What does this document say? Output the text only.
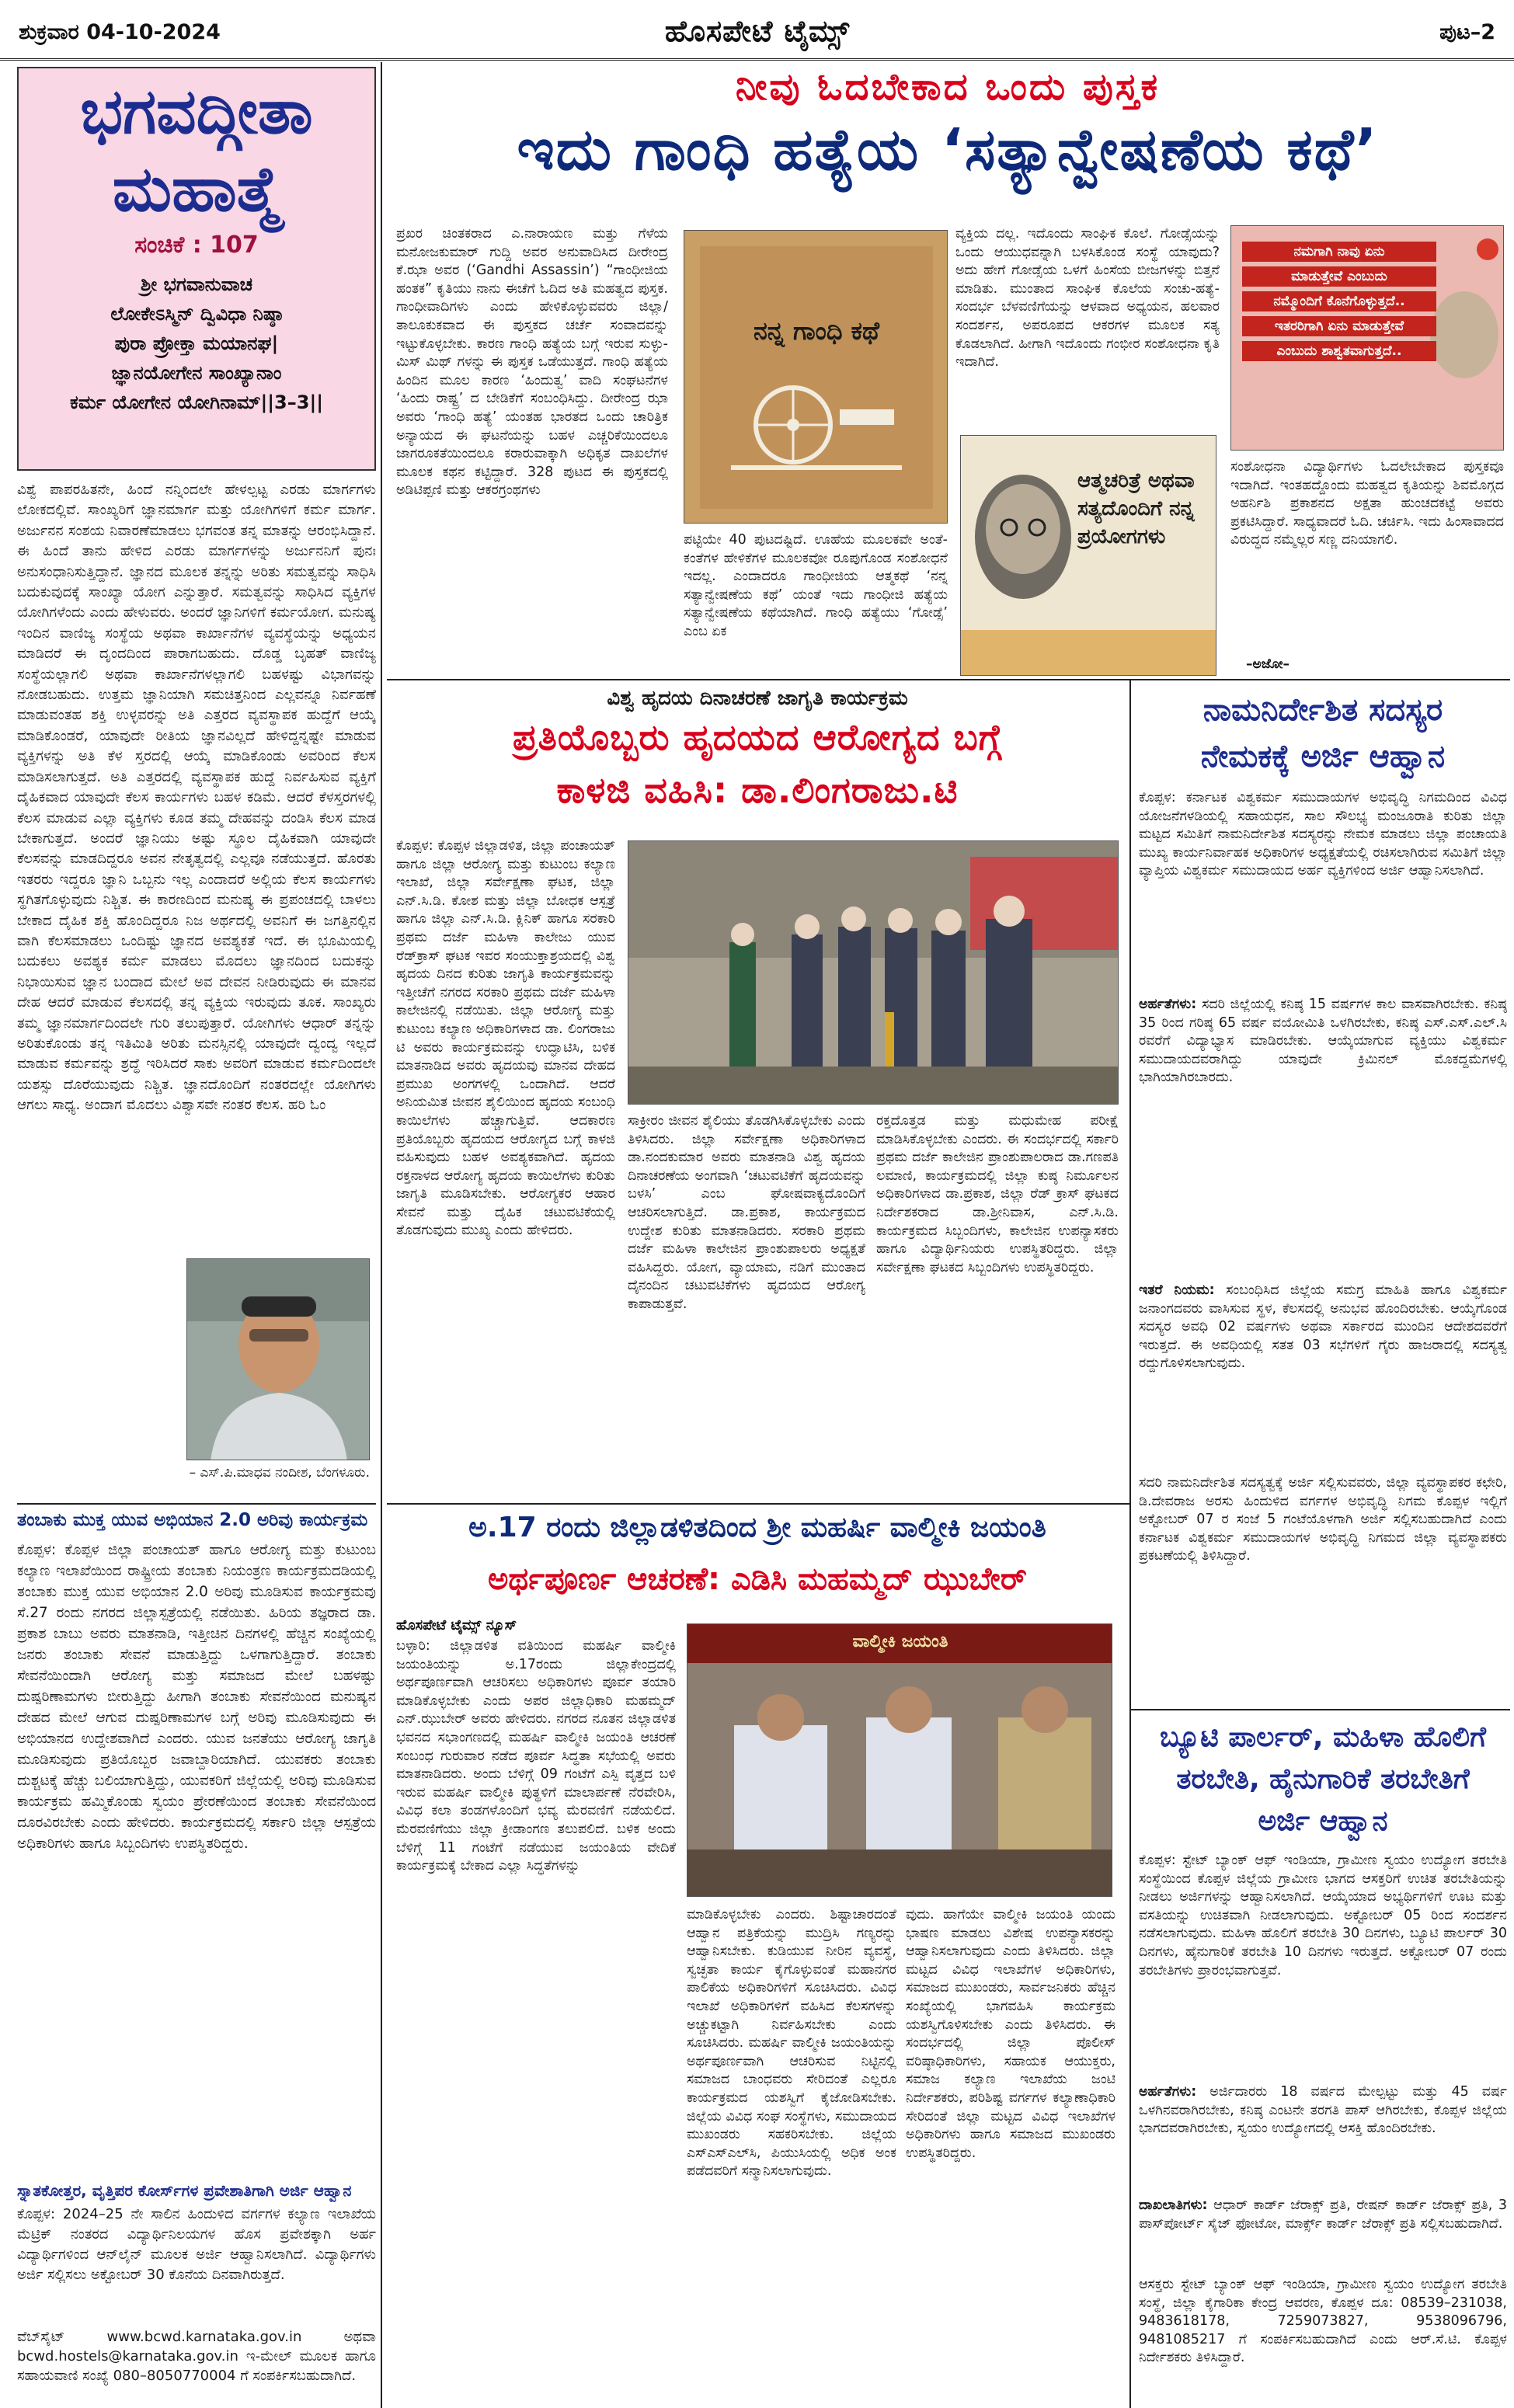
ಶುಕ್ರವಾರ 04-10-2024	ಹೊಸಪೇಟೆ ಟೈಮ್ಸ್	ಪುಟ–2
ಭಗವದ್ಗೀತಾ
ಮಹಾತ್ಮೆ
ಸಂಚಿಕೆ : 107
ಶ್ರೀ ಭಗವಾನುವಾಚ
ಲೋಕೇಽಸ್ಮಿನ್ ದ್ವಿವಿಧಾ ನಿಷ್ಠಾ
ಪುರಾ ಪ್ರೋಕ್ತಾ ಮಯಾನಘ|
ಜ್ಞಾನಯೋಗೇನ ಸಾಂಖ್ಯಾನಾಂ
ಕರ್ಮ ಯೋಗೇನ ಯೋಗಿನಾಮ್||3–3||
ವಿಶ್ವೆ ಪಾಪರಹಿತನೇ, ಹಿಂದೆ ನನ್ನಿಂದಲೇ ಹೇಳಲ್ಪಟ್ಟ ಎರಡು ಮಾರ್ಗಗಳು ಲೋಕದಲ್ಲಿವೆ. ಸಾಂಖ್ಯರಿಗೆ ಜ್ಞಾನಮಾರ್ಗ ಮತ್ತು ಯೋಗಿಗಳಿಗೆ ಕರ್ಮ ಮಾರ್ಗ. ಅರ್ಜುನನ ಸಂಶಯ ನಿವಾರಣೆಮಾಡಲು ಭಗವಂತ ತನ್ನ ಮಾತನ್ನು ಆರಂಭಿಸಿದ್ದಾನೆ. ಈ ಹಿಂದೆ ತಾನು ಹೇಳಿದ ಎರಡು ಮಾರ್ಗಗಳನ್ನು ಅರ್ಜುನನಿಗೆ ಪುನಃ ಅನುಸಂಧಾನಿಸುತ್ತಿದ್ದಾನೆ. ಜ್ಞಾನದ ಮೂಲಕ ತನ್ನನ್ನು ಅರಿತು ಸಮತ್ವವನ್ನು ಸಾಧಿಸಿ ಬದುಕುವುದಕ್ಕೆ ಸಾಂಖ್ಯಾ ಯೋಗ ಎನ್ನುತ್ತಾರೆ. ಸಮತ್ವವನ್ನು ಸಾಧಿಸಿದ ವ್ಯಕ್ತಿಗಳ ಯೋಗಿಗಳೆಂದು ಎಂದು ಹೇಳುವರು. ಅಂದರೆ ಜ್ಞಾನಿಗಳಿಗೆ ಕರ್ಮಯೋಗ. ಮನುಷ್ಯ ಇಂದಿನ ವಾಣಿಜ್ಯ ಸಂಸ್ಥೆಯ ಅಥವಾ ಕಾರ್ಖಾನೆಗಳ ವ್ಯವಸ್ಥೆಯನ್ನು ಅಧ್ಯಯನ ಮಾಡಿದರೆ ಈ ದೃಂದದಿಂದ ಪಾರಾಗಬಹುದು. ದೊಡ್ಡ ಬೃಹತ್ ವಾಣಿಜ್ಯ ಸಂಸ್ಥೆಯಲ್ಲಾಗಲಿ ಅಥವಾ ಕಾರ್ಖಾನೆಗಳಲ್ಲಾಗಲಿ ಬಹಳಷ್ಟು ವಿಭಾಗವನ್ನು ನೋಡಬಹುದು. ಉತ್ತಮ ಜ್ಞಾನಿಯಾಗಿ ಸಮಚಿತ್ತನಿಂದ ಎಲ್ಲವನ್ನೂ ನಿರ್ವಹಣೆ ಮಾಡುವಂತಹ ಶಕ್ತಿ ಉಳ್ಳವರನ್ನು ಅತಿ ಎತ್ತರದ ವ್ಯವಸ್ಥಾಪಕ ಹುದ್ದೆಗೆ ಆಯ್ಕೆ ಮಾಡಿಕೊಂಡರೆ, ಯಾವುದೇ ರೀತಿಯ ಜ್ಞಾನವಿಲ್ಲದೆ ಹೇಳಿದ್ದನ್ನಷ್ಟೇ ಮಾಡುವ ವ್ಯಕ್ತಿಗಳನ್ನು ಅತಿ ಕೆಳ ಸ್ತರದಲ್ಲಿ ಆಯ್ಕೆ ಮಾಡಿಕೊಂಡು ಅವರಿಂದ ಕೆಲಸ ಮಾಡಿಸಲಾಗುತ್ತದೆ. ಅತಿ ಎತ್ತರದಲ್ಲಿ ವ್ಯವಸ್ಥಾಪಕ ಹುದ್ದೆ ನಿರ್ವಹಿಸುವ ವ್ಯಕ್ತಿಗೆ ದೈಹಿಕವಾದ ಯಾವುದೇ ಕೆಲಸ ಕಾರ್ಯಗಳು ಬಹಳ ಕಡಿಮೆ. ಆದರೆ ಕೆಳಸ್ತರಗಳಲ್ಲಿ ಕೆಲಸ ಮಾಡುವ ಎಲ್ಲಾ ವ್ಯಕ್ತಿಗಳು ಕೂಡ ತಮ್ಮ ದೇಹವನ್ನು ದಂಡಿಸಿ ಕೆಲಸ ಮಾಡ ಬೇಕಾಗುತ್ತದೆ. ಅಂದರೆ ಜ್ಞಾನಿಯು ಅಷ್ಟು ಸ್ಥೂಲ ದೈಹಿಕವಾಗಿ ಯಾವುದೇ ಕೆಲಸವನ್ನು ಮಾಡದಿದ್ದರೂ ಅವನ ನೇತೃತ್ವದಲ್ಲಿ ಎಲ್ಲವೂ ನಡೆಯುತ್ತದೆ. ಹೊರತು ಇತರರು ಇದ್ದರೂ ಜ್ಞಾನಿ ಒಬ್ಬನು ಇಲ್ಲ ಎಂದಾದರೆ ಅಲ್ಲಿಯ ಕೆಲಸ ಕಾರ್ಯಗಳು ಸ್ಥಗಿತಗೊಳ್ಳುವುದು ನಿಶ್ಚಿತ. ಈ ಕಾರಣದಿಂದ ಮನುಷ್ಯ ಈ ಪ್ರಪಂಚದಲ್ಲಿ ಬಾಳಲು ಬೇಕಾದ ದೈಹಿಕ ಶಕ್ತಿ ಹೊಂದಿದ್ದರೂ ನಿಜ ಅರ್ಥದಲ್ಲಿ ಅವನಿಗೆ ಈ ಜಗತ್ತಿನಲ್ಲಿನ ವಾಗಿ ಕೆಲಸಮಾಡಲು ಒಂದಿಷ್ಟು ಜ್ಞಾನದ ಅವಶ್ಯಕತೆ ಇದೆ. ಈ ಭೂಮಿಯಲ್ಲಿ ಬದುಕಲು ಅವಶ್ಯಕ ಕರ್ಮ ಮಾಡಲು ಮೊದಲು ಜ್ಞಾನದಿಂದ ಬದುಕನ್ನು ನಿಭಾಯಿಸುವ ಜ್ಞಾನ ಬಂದಾದ ಮೇಲೆ ಅವ ದೇವನ ನೀಡಿರುವುದು ಈ ಮಾನವ ದೇಹ ಆದರೆ ಮಾಡುವ ಕೆಲಸದಲ್ಲಿ ತನ್ನ ವ್ಯಕ್ತಿಯ ಇರುವುದು ತೂಕ. ಸಾಂಖ್ಯರು ತಮ್ಮ ಜ್ಞಾನಮಾರ್ಗದಿಂದಲೇ ಗುರಿ ತಲುಪುತ್ತಾರೆ. ಯೋಗಿಗಳು ಆಧಾರ್ ತನ್ನನ್ನು ಅರಿತುಕೊಂಡು ತನ್ನ ಇತಿಮಿತಿ ಅರಿತು ಮನಸ್ಸಿನಲ್ಲಿ ಯಾವುದೇ ದ್ವಂದ್ವ ಇಲ್ಲದೆ ಮಾಡುವ ಕರ್ಮವನ್ನು ಶ್ರದ್ಧೆ ಇರಿಸಿದರೆ ಸಾಕು ಅವರಿಗೆ ಮಾಡುವ ಕರ್ಮದಿಂದಲೇ ಯಶಸ್ಸು ದೊರೆಯುವುದು ನಿಶ್ಚಿತ. ಜ್ಞಾನದೊಂದಿಗೆ ನಂತರದಲ್ಲೇ ಯೋಗಿಗಳು ಆಗಲು ಸಾಧ್ಯ. ಅಂದಾಗ ಮೊದಲು ವಿಶ್ವಾಸವೇ ನಂತರ ಕೆಲಸ. ಹರಿ ಓಂ
– ಎಸ್.ಪಿ.ಮಾಧವ ನಂದೀಶ, ಬೆಂಗಳೂರು.
ತಂಬಾಕು ಮುಕ್ತ ಯುವ ಅಭಿಯಾನ 2.0 ಅರಿವು ಕಾರ್ಯಕ್ರಮ
ಕೊಪ್ಪಳ: ಕೊಪ್ಪಳ ಜಿಲ್ಲಾ ಪಂಚಾಯತ್ ಹಾಗೂ ಆರೋಗ್ಯ ಮತ್ತು ಕುಟುಂಬ ಕಲ್ಯಾಣ ಇಲಾಖೆಯಿಂದ ರಾಷ್ಟ್ರೀಯ ತಂಬಾಕು ನಿಯಂತ್ರಣ ಕಾರ್ಯಕ್ರಮದಡಿಯಲ್ಲಿ ತಂಬಾಕು ಮುಕ್ತ ಯುವ ಅಭಿಯಾನ 2.0 ಅರಿವು ಮೂಡಿಸುವ ಕಾರ್ಯಕ್ರಮವು ಸೆ.27 ರಂದು ನಗರದ ಜಿಲ್ಲಾಸ್ಪತ್ರೆಯಲ್ಲಿ ನಡೆಯಿತು. ಹಿರಿಯ ತಜ್ಞರಾದ ಡಾ. ಪ್ರಕಾಶ ಬಾಬು ಅವರು ಮಾತನಾಡಿ, ಇತ್ತೀಚಿನ ದಿನಗಳಲ್ಲಿ ಹೆಚ್ಚಿನ ಸಂಖ್ಯೆಯಲ್ಲಿ ಜನರು ತಂಬಾಕು ಸೇವನೆ ಮಾಡುತ್ತಿದ್ದು ಒಳಗಾಗುತ್ತಿದ್ದಾರೆ. ತಂಬಾಕು ಸೇವನೆಯಿಂದಾಗಿ ಆರೋಗ್ಯ ಮತ್ತು ಸಮಾಜದ ಮೇಲೆ ಬಹಳಷ್ಟು ದುಷ್ಪರಿಣಾಮಗಳು ಬೀರುತ್ತಿದ್ದು ಹೀಗಾಗಿ ತಂಬಾಕು ಸೇವನೆಯಿಂದ ಮನುಷ್ಯನ ದೇಹದ ಮೇಲೆ ಆಗುವ ದುಷ್ಪರಿಣಾಮಗಳ ಬಗ್ಗೆ ಅರಿವು ಮೂಡಿಸುವುದು ಈ ಅಭಿಯಾನದ ಉದ್ದೇಶವಾಗಿದೆ ಎಂದರು. ಯುವ ಜನತೆಯು ಆರೋಗ್ಯ ಜಾಗೃತಿ ಮೂಡಿಸುವುದು ಪ್ರತಿಯೊಬ್ಬರ ಜವಾಬ್ದಾರಿಯಾಗಿದೆ. ಯುವಕರು ತಂಬಾಕು ದುಶ್ಚಟಕ್ಕೆ ಹೆಚ್ಚು ಬಲಿಯಾಗುತ್ತಿದ್ದು, ಯುವಕರಿಗೆ ಜಿಲ್ಲೆಯಲ್ಲಿ ಅರಿವು ಮೂಡಿಸುವ ಕಾರ್ಯಕ್ರಮ ಹಮ್ಮಿಕೊಂಡು ಸ್ವಯಂ ಪ್ರೇರಣೆಯಿಂದ ತಂಬಾಕು ಸೇವನೆಯಿಂದ ದೂರವಿರಬೇಕು ಎಂದು ಹೇಳಿದರು. ಕಾರ್ಯಕ್ರಮದಲ್ಲಿ ಸರ್ಕಾರಿ ಜಿಲ್ಲಾ ಆಸ್ಪತ್ರೆಯ ಅಧಿಕಾರಿಗಳು ಹಾಗೂ ಸಿಬ್ಬಂದಿಗಳು ಉಪಸ್ಥಿತರಿದ್ದರು.
ಸ್ನಾತಕೋತ್ತರ, ವೃತ್ತಿಪರ ಕೋರ್ಸ್‌ಗಳ ಪ್ರವೇಶಾತಿಗಾಗಿ ಅರ್ಜಿ ಆಹ್ವಾನ
ಕೊಪ್ಪಳ: 2024–25 ನೇ ಸಾಲಿನ ಹಿಂದುಳಿದ ವರ್ಗಗಳ ಕಲ್ಯಾಣ ಇಲಾಖೆಯ ಮೆಟ್ರಿಕ್ ನಂತರದ ವಿದ್ಯಾರ್ಥಿನಿಲಯಗಳ ಹೊಸ ಪ್ರವೇಶಕ್ಕಾಗಿ ಅರ್ಹ ವಿದ್ಯಾರ್ಥಿಗಳಿಂದ ಆನ್‌ಲೈನ್ ಮೂಲಕ ಅರ್ಜಿ ಆಹ್ವಾನಿಸಲಾಗಿದೆ. ವಿದ್ಯಾರ್ಥಿಗಳು ಅರ್ಜಿ ಸಲ್ಲಿಸಲು ಅಕ್ಟೋಬರ್ 30 ಕೊನೆಯ ದಿನವಾಗಿರುತ್ತದೆ.
ವೆಬ್‌ಸೈಟ್ www.bcwd.karnataka.gov.in ಅಥವಾ bcwd.hostels@karnataka.gov.in ಇ-ಮೇಲ್ ಮೂಲಕ ಹಾಗೂ ಸಹಾಯವಾಣಿ ಸಂಖ್ಯೆ 080–8050770004 ಗೆ ಸಂಪರ್ಕಿಸಬಹುದಾಗಿದೆ.
ನೀವು ಓದಬೇಕಾದ ಒಂದು ಪುಸ್ತಕ
ಇದು ಗಾಂಧಿ ಹತ್ಯೆಯ ‘ಸತ್ಯಾನ್ವೇಷಣೆಯ ಕಥೆ’
ಪ್ರಖರ ಚಿಂತಕರಾದ ಎ.ನಾರಾಯಣ ಮತ್ತು ಗೆಳೆಯ ಮನೋಜಕುಮಾರ್ ಗುದ್ದಿ ಅವರ ಅನುವಾದಿಸಿದ ದೀರೇಂದ್ರ ಕೆ.ಝಾ ಅವರ (‘Gandhi Assassin’) “ಗಾಂಧೀಜಿಯ ಹಂತಕ” ಕೃತಿಯು ನಾನು ಈಚೆಗೆ ಓದಿದ ಅತಿ ಮಹತ್ವದ ಪುಸ್ತಕ. ಗಾಂಧೀವಾದಿಗಳು ಎಂದು ಹೇಳಿಕೊಳ್ಳುವವರು ಜಿಲ್ಲಾ/ತಾಲೂಕುಕವಾದ ಈ ಪುಸ್ತಕದ ಚರ್ಚೆ ಸಂವಾದವನ್ನು ಇಟ್ಟುಕೊಳ್ಳಬೇಕು. ಕಾರಣ ಗಾಂಧಿ ಹತ್ಯೆಯ ಬಗ್ಗೆ ಇರುವ ಸುಳ್ಳು-ಮಿಸ್ ಮಿಥ್ ಗಳನ್ನು ಈ ಪುಸ್ತಕ ಒಡೆಯುತ್ತದೆ. ಗಾಂಧಿ ಹತ್ಯೆಯ ಹಿಂದಿನ ಮೂಲ ಕಾರಣ ‘ಹಿಂದುತ್ವ’ ವಾದಿ ಸಂಘಟನೆಗಳ ‘ಹಿಂದು ರಾಷ್ಟ್ರ’ ದ ಬೇಡಿಕೆಗೆ ಸಂಬಂಧಿಸಿದ್ದು. ದೀರೇಂದ್ರ ಝಾ ಅವರು ‘ಗಾಂಧಿ ಹತ್ಯೆ’ ಯಂತಹ ಭಾರತದ ಒಂದು ಚಾರಿತ್ರಿಕ ಅನ್ಯಾಯದ ಈ ಘಟನೆಯನ್ನು ಬಹಳ ಎಚ್ಚರಿಕೆಯಿಂದಲೂ ಜಾಗರೂಕತೆಯಿಂದಲೂ ಕರಾರುವಾಕ್ಕಾಗಿ ಅಧಿಕೃತ ದಾಖಲೆಗಳ ಮೂಲಕ ಕಥನ ಕಟ್ಟಿದ್ದಾರೆ. 328 ಪುಟದ ಈ ಪುಸ್ತಕದಲ್ಲಿ ಅಡಿಟಿಪ್ಪಣಿ ಮತ್ತು ಆಕರಗ್ರಂಥಗಳು
ನನ್ನ ಗಾಂಧಿ ಕಥೆ
ಪಟ್ಟಿಯೇ 40 ಪುಟದಷ್ಟಿದೆ. ಊಹೆಯ ಮೂಲಕವೇ ಅಂತೆ-ಕಂತೆಗಳ ಹೇಳಿಕೆಗಳ ಮೂಲಕವೋ ರೂಪುಗೊಂಡ ಸಂಶೋಧನೆ ಇದಲ್ಲ. ಎಂದಾದರೂ ಗಾಂಧೀಜಿಯ ಆತ್ಮಕಥೆ ‘ನನ್ನ ಸತ್ಯಾನ್ವೇಷಣೆಯ ಕಥೆ’ ಯಂತೆ ಇದು ಗಾಂಧೀಜಿ ಹತ್ಯೆಯ ಸತ್ಯಾನ್ವೇಷಣೆಯ ಕಥೆಯಾಗಿದೆ. ಗಾಂಧಿ ಹತ್ಯೆಯು ‘ಗೋಡ್ಸೆ’ ಎಂಬ ಏಕ
ವ್ಯಕ್ತಿಯ ದಲ್ಲ. ಇದೊಂದು ಸಾಂಘಿಕ ಕೊಲೆ. ಗೋಡ್ಸೆಯನ್ನು ಒಂದು ಆಯುಧವನ್ನಾಗಿ ಬಳಸಿಕೊಂಡ ಸಂಸ್ಥೆ ಯಾವುದು? ಅದು ಹೇಗೆ ಗೋಡ್ಸೆಯ ಒಳಗೆ ಹಿಂಸೆಯ ಬೀಜಗಳನ್ನು ಬಿತ್ತನೆ ಮಾಡಿತು. ಮುಂತಾದ ಸಾಂಘಿಕ ಕೊಲೆಯ ಸಂಚು-ಹತ್ಯೆ-ಸಂದರ್ಭ ಬೆಳವಣಿಗೆಯನ್ನು ಆಳವಾದ ಅಧ್ಯಯನ, ಹಲವಾರ ಸಂದರ್ಶನ, ಅಪರೂಪದ ಆಕರಗಳ ಮೂಲಕ ಸತ್ಯ ಕೊಡಲಾಗಿದೆ. ಹೀಗಾಗಿ ಇದೊಂದು ಗಂಭೀರ ಸಂಶೋಧನಾ ಕೃತಿ ಇದಾಗಿದೆ.
ಆತ್ಮಚರಿತ್ರೆ ಅಥವಾ ಸತ್ಯದೊಂದಿಗೆ ನನ್ನ ಪ್ರಯೋಗಗಳು
ನಮಗಾಗಿ ನಾವು ಏನು
ಮಾಡುತ್ತೇವೆ ಎಂಬುದು
ನಮ್ಮೊಂದಿಗೆ ಕೊನೆಗೊಳ್ಳುತ್ತದೆ..
ಇತರರಿಗಾಗಿ ಏನು ಮಾಡುತ್ತೇವೆ
ಎಂಬುದು ಶಾಶ್ವತವಾಗುತ್ತದೆ..
ಸಂಶೋಧನಾ ವಿದ್ಯಾರ್ಥಿಗಳು ಓದಲೇಬೇಕಾದ ಪುಸ್ತಕವೂ ಇದಾಗಿದೆ. ಇಂತಹದ್ದೊಂದು ಮಹತ್ವದ ಕೃತಿಯನ್ನು ಶಿವಮೊಗ್ಗದ ಅಹರ್ನಿಶಿ ಪ್ರಕಾಶನದ ಅಕ್ಷತಾ ಹುಂಚದಕಟ್ಟೆ ಅವರು ಪ್ರಕಟಿಸಿದ್ದಾರೆ. ಸಾಧ್ಯವಾದರೆ ಓದಿ. ಚರ್ಚಿಸಿ. ಇದು ಹಿಂಸಾವಾದದ ವಿರುದ್ಧದ ನಮ್ಮೆಲ್ಲರ ಸಣ್ಣ ದನಿಯಾಗಲಿ.
–ಅಜೋ–
ವಿಶ್ವ ಹೃದಯ ದಿನಾಚರಣೆ ಜಾಗೃತಿ ಕಾರ್ಯಕ್ರಮ
ಪ್ರತಿಯೊಬ್ಬರು ಹೃದಯದ ಆರೋಗ್ಯದ ಬಗ್ಗೆ
ಕಾಳಜಿ ವಹಿಸಿ: ಡಾ.ಲಿಂಗರಾಜು.ಟಿ
ಕೊಪ್ಪಳ: ಕೊಪ್ಪಳ ಜಿಲ್ಲಾಡಳಿತ, ಜಿಲ್ಲಾ ಪಂಚಾಯತ್ ಹಾಗೂ ಜಿಲ್ಲಾ ಆರೋಗ್ಯ ಮತ್ತು ಕುಟುಂಬ ಕಲ್ಯಾಣ ಇಲಾಖೆ, ಜಿಲ್ಲಾ ಸರ್ವೇಕ್ಷಣಾ ಘಟಕ, ಜಿಲ್ಲಾ ಎನ್.ಸಿ.ಡಿ. ಕೋಶ ಮತ್ತು ಜಿಲ್ಲಾ ಬೋಧಕ ಆಸ್ಪತ್ರೆ ಹಾಗೂ ಜಿಲ್ಲಾ ಎನ್.ಸಿ.ಡಿ. ಕ್ಲಿನಿಕ್ ಹಾಗೂ ಸರಕಾರಿ ಪ್ರಥಮ ದರ್ಜೆ ಮಹಿಳಾ ಕಾಲೇಜು ಯುವ ರೆಡ್‌ಕ್ರಾಸ್ ಘಟಕ ಇವರ ಸಂಯುಕ್ತಾಶ್ರಯದಲ್ಲಿ ವಿಶ್ವ ಹೃದಯ ದಿನದ ಕುರಿತು ಜಾಗೃತಿ ಕಾರ್ಯಕ್ರಮವನ್ನು ಇತ್ತೀಚೆಗೆ ನಗರದ ಸರಕಾರಿ ಪ್ರಥಮ ದರ್ಜೆ ಮಹಿಳಾ ಕಾಲೇಜಿನಲ್ಲಿ ನಡೆಯಿತು. ಜಿಲ್ಲಾ ಆರೋಗ್ಯ ಮತ್ತು ಕುಟುಂಬ ಕಲ್ಯಾಣ ಅಧಿಕಾರಿಗಳಾದ ಡಾ. ಲಿಂಗರಾಜು ಟಿ ಅವರು ಕಾರ್ಯಕ್ರಮವನ್ನು ಉದ್ಘಾಟಿಸಿ, ಬಳಿಕ ಮಾತನಾಡಿದ ಅವರು ಹೃದಯವು ಮಾನವ ದೇಹದ ಪ್ರಮುಖ ಅಂಗಗಳಲ್ಲಿ ಒಂದಾಗಿದೆ. ಆದರೆ ಅನಿಯಮಿತ ಜೀವನ ಶೈಲಿಯಿಂದ ಹೃದಯ ಸಂಬಂಧಿ ಕಾಯಿಲೆಗಳು ಹೆಚ್ಚಾಗುತ್ತಿವೆ. ಆದಕಾರಣ ಪ್ರತಿಯೊಬ್ಬರು ಹೃದಯದ ಆರೋಗ್ಯದ ಬಗ್ಗೆ ಕಾಳಜಿ ವಹಿಸುವುದು ಬಹಳ ಅವಶ್ಯಕವಾಗಿದೆ. ಹೃದಯ ರಕ್ತನಾಳದ ಆರೋಗ್ಯ ಹೃದಯ ಕಾಯಿಲೆಗಳು ಕುರಿತು ಜಾಗೃತಿ ಮೂಡಿಸಬೇಕು. ಆರೋಗ್ಯಕರ ಆಹಾರ ಸೇವನೆ ಮತ್ತು ದೈಹಿಕ ಚಟುವಟಿಕೆಯಲ್ಲಿ ತೊಡಗುವುದು ಮುಖ್ಯ ಎಂದು ಹೇಳಿದರು.
ಸಾಕ್ರೀರಂ ಜೀವನ ಶೈಲಿಯು ತೊಡಗಿಸಿಕೊಳ್ಳಬೇಕು ಎಂದು ತಿಳಿಸಿದರು. ಜಿಲ್ಲಾ ಸರ್ವೇಕ್ಷಣಾ ಅಧಿಕಾರಿಗಳಾದ ಡಾ.ನಂದಕುಮಾರ ಅವರು ಮಾತನಾಡಿ ವಿಶ್ವ ಹೃದಯ ದಿನಾಚರಣೆಯ ಅಂಗವಾಗಿ ‘ಚಟುವಟಿಕೆಗೆ ಹೃದಯವನ್ನು ಬಳಸಿ’ ಎಂಬ ಘೋಷವಾಕ್ಯದೊಂದಿಗೆ ಆಚರಿಸಲಾಗುತ್ತಿದೆ. ಡಾ.ಪ್ರಕಾಶ, ಕಾರ್ಯಕ್ರಮದ ಉದ್ದೇಶ ಕುರಿತು ಮಾತನಾಡಿದರು. ಸರಕಾರಿ ಪ್ರಥಮ ದರ್ಜೆ ಮಹಿಳಾ ಕಾಲೇಜಿನ ಪ್ರಾಂಶುಪಾಲರು ಅಧ್ಯಕ್ಷತೆ ವಹಿಸಿದ್ದರು. ಯೋಗ, ವ್ಯಾಯಾಮ, ನಡಿಗೆ ಮುಂತಾದ ದೈನಂದಿನ ಚಟುವಟಿಕೆಗಳು ಹೃದಯದ ಆರೋಗ್ಯ ಕಾಪಾಡುತ್ತವೆ.
ರಕ್ತದೊತ್ತಡ ಮತ್ತು ಮಧುಮೇಹ ಪರೀಕ್ಷೆ ಮಾಡಿಸಿಕೊಳ್ಳಬೇಕು ಎಂದರು. ಈ ಸಂದರ್ಭದಲ್ಲಿ ಸರ್ಕಾರಿ ಪ್ರಥಮ ದರ್ಜೆ ಕಾಲೇಜಿನ ಪ್ರಾಂಶುಪಾಲರಾದ ಡಾ.ಗಣಪತಿ ಲಮಾಣಿ, ಕಾರ್ಯಕ್ರಮದಲ್ಲಿ ಜಿಲ್ಲಾ ಕುಷ್ಠ ನಿರ್ಮೂಲನ ಅಧಿಕಾರಿಗಳಾದ ಡಾ.ಪ್ರಕಾಶ, ಜಿಲ್ಲಾ ರೆಡ್ ಕ್ರಾಸ್ ಘಟಕದ ನಿರ್ದೇಶಕರಾದ ಡಾ.ಶ್ರೀನಿವಾಸ, ಎನ್.ಸಿ.ಡಿ. ಕಾರ್ಯಕ್ರಮದ ಸಿಬ್ಬಂದಿಗಳು, ಕಾಲೇಜಿನ ಉಪನ್ಯಾಸಕರು ಹಾಗೂ ವಿದ್ಯಾರ್ಥಿನಿಯರು ಉಪಸ್ಥಿತರಿದ್ದರು. ಜಿಲ್ಲಾ ಸರ್ವೇಕ್ಷಣಾ ಘಟಕದ ಸಿಬ್ಬಂದಿಗಳು ಉಪಸ್ಥಿತರಿದ್ದರು.
ಅ.17 ರಂದು ಜಿಲ್ಲಾಡಳಿತದಿಂದ ಶ್ರೀ ಮಹರ್ಷಿ ವಾಲ್ಮೀಕಿ ಜಯಂತಿ
ಅರ್ಥಪೂರ್ಣ ಆಚರಣೆ: ಎಡಿಸಿ ಮಹಮ್ಮದ್ ಝುಬೇರ್
ಹೊಸಪೇಟೆ ಟೈಮ್ಸ್ ನ್ಯೂಸ್
ಬಳ್ಳಾರಿ: ಜಿಲ್ಲಾಡಳಿತ ವತಿಯಿಂದ ಮಹರ್ಷಿ ವಾಲ್ಮೀಕಿ ಜಯಂತಿಯನ್ನು ಅ.17ರಂದು ಜಿಲ್ಲಾಕೇಂದ್ರದಲ್ಲಿ ಅರ್ಥಪೂರ್ಣವಾಗಿ ಆಚರಿಸಲು ಅಧಿಕಾರಿಗಳು ಪೂರ್ವ ತಯಾರಿ ಮಾಡಿಕೊಳ್ಳಬೇಕು ಎಂದು ಅಪರ ಜಿಲ್ಲಾಧಿಕಾರಿ ಮಹಮ್ಮದ್ ಎನ್.ಝುಬೇರ್ ಅವರು ಹೇಳಿದರು. ನಗರದ ನೂತನ ಜಿಲ್ಲಾಡಳಿತ ಭವನದ ಸಭಾಂಗಣದಲ್ಲಿ ಮಹರ್ಷಿ ವಾಲ್ಮೀಕಿ ಜಯಂತಿ ಆಚರಣೆ ಸಂಬಂಧ ಗುರುವಾರ ನಡೆದ ಪೂರ್ವ ಸಿದ್ಧತಾ ಸಭೆಯಲ್ಲಿ ಅವರು ಮಾತನಾಡಿದರು. ಅಂದು ಬೆಳಿಗ್ಗೆ 09 ಗಂಟೆಗೆ ಎಸ್ಪಿ ವೃತ್ತದ ಬಳಿ ಇರುವ ಮಹರ್ಷಿ ವಾಲ್ಮೀಕಿ ಪುತ್ಥಳಿಗೆ ಮಾಲಾರ್ಪಣೆ ನೆರವೇರಿಸಿ, ವಿವಿಧ ಕಲಾ ತಂಡಗಳೊಂದಿಗೆ ಭವ್ಯ ಮೆರವಣಿಗೆ ನಡೆಯಲಿದೆ. ಮೆರವಣಿಗೆಯು ಜಿಲ್ಲಾ ಕ್ರೀಡಾಂಗಣ ತಲುಪಲಿದೆ. ಬಳಿಕ ಅಂದು ಬೆಳಿಗ್ಗೆ 11 ಗಂಟೆಗೆ ನಡೆಯುವ ಜಯಂತಿಯ ವೇದಿಕೆ ಕಾರ್ಯಕ್ರಮಕ್ಕೆ ಬೇಕಾದ ಎಲ್ಲಾ ಸಿದ್ಧತೆಗಳನ್ನು
ವಾಲ್ಮೀಕಿ ಜಯಂತಿ
ಮಾಡಿಕೊಳ್ಳಬೇಕು ಎಂದರು. ಶಿಷ್ಟಾಚಾರದಂತೆ ಆಹ್ವಾನ ಪತ್ರಿಕೆಯನ್ನು ಮುದ್ರಿಸಿ ಗಣ್ಯರನ್ನು ಆಹ್ವಾನಿಸಬೇಕು. ಕುಡಿಯುವ ನೀರಿನ ವ್ಯವಸ್ಥೆ, ಸ್ವಚ್ಛತಾ ಕಾರ್ಯ ಕೈಗೊಳ್ಳುವಂತೆ ಮಹಾನಗರ ಪಾಲಿಕೆಯ ಅಧಿಕಾರಿಗಳಿಗೆ ಸೂಚಿಸಿದರು. ವಿವಿಧ ಇಲಾಖೆ ಅಧಿಕಾರಿಗಳಿಗೆ ವಹಿಸಿದ ಕೆಲಸಗಳನ್ನು ಅಚ್ಚುಕಟ್ಟಾಗಿ ನಿರ್ವಹಿಸಬೇಕು ಎಂದು ಸೂಚಿಸಿದರು. ಮಹರ್ಷಿ ವಾಲ್ಮೀಕಿ ಜಯಂತಿಯನ್ನು ಅರ್ಥಪೂರ್ಣವಾಗಿ ಆಚರಿಸುವ ನಿಟ್ಟಿನಲ್ಲಿ ಸಮಾಜದ ಬಾಂಧವರು ಸೇರಿದಂತೆ ಎಲ್ಲರೂ ಕಾರ್ಯಕ್ರಮದ ಯಶಸ್ವಿಗೆ ಕೈಜೋಡಿಸಬೇಕು. ಜಿಲ್ಲೆಯ ವಿವಿಧ ಸಂಘ ಸಂಸ್ಥೆಗಳು, ಸಮುದಾಯದ ಮುಖಂಡರು ಸಹಕರಿಸಬೇಕು. ಜಿಲ್ಲೆಯ ಎಸ್‌ಎಸ್‌ಎಲ್‌ಸಿ, ಪಿಯುಸಿಯಲ್ಲಿ ಅಧಿಕ ಅಂಕ ಪಡೆದವರಿಗೆ ಸನ್ಮಾನಿಸಲಾಗುವುದು.
ವುದು. ಹಾಗೆಯೇ ವಾಲ್ಮೀಕಿ ಜಯಂತಿ ಯಂದು ಭಾಷಣ ಮಾಡಲು ವಿಶೇಷ ಉಪನ್ಯಾಸಕರನ್ನು ಆಹ್ವಾನಿಸಲಾಗುವುದು ಎಂದು ತಿಳಿಸಿದರು. ಜಿಲ್ಲಾ ಮಟ್ಟದ ವಿವಿಧ ಇಲಾಖೆಗಳ ಅಧಿಕಾರಿಗಳು, ಸಮಾಜದ ಮುಖಂಡರು, ಸಾರ್ವಜನಿಕರು ಹೆಚ್ಚಿನ ಸಂಖ್ಯೆಯಲ್ಲಿ ಭಾಗವಹಿಸಿ ಕಾರ್ಯಕ್ರಮ ಯಶಸ್ವಿಗೊಳಿಸಬೇಕು ಎಂದು ತಿಳಿಸಿದರು. ಈ ಸಂದರ್ಭದಲ್ಲಿ ಜಿಲ್ಲಾ ಪೊಲೀಸ್ ವರಿಷ್ಠಾಧಿಕಾರಿಗಳು, ಸಹಾಯಕ ಆಯುಕ್ತರು, ಸಮಾಜ ಕಲ್ಯಾಣ ಇಲಾಖೆಯ ಜಂಟಿ ನಿರ್ದೇಶಕರು, ಪರಿಶಿಷ್ಟ ವರ್ಗಗಳ ಕಲ್ಯಾಣಾಧಿಕಾರಿ ಸೇರಿದಂತೆ ಜಿಲ್ಲಾ ಮಟ್ಟದ ವಿವಿಧ ಇಲಾಖೆಗಳ ಅಧಿಕಾರಿಗಳು ಹಾಗೂ ಸಮಾಜದ ಮುಖಂಡರು ಉಪಸ್ಥಿತರಿದ್ದರು.
ನಾಮನಿರ್ದೇಶಿತ ಸದಸ್ಯರ
ನೇಮಕಕ್ಕೆ ಅರ್ಜಿ ಆಹ್ವಾನ
ಕೊಪ್ಪಳ: ಕರ್ನಾಟಕ ವಿಶ್ವಕರ್ಮ ಸಮುದಾಯಗಳ ಅಭಿವೃದ್ಧಿ ನಿಗಮದಿಂದ ವಿವಿಧ ಯೋಜನೆಗಳಡಿಯಲ್ಲಿ ಸಹಾಯಧನ, ಸಾಲ ಸೌಲಭ್ಯ ಮಂಜೂರಾತಿ ಕುರಿತು ಜಿಲ್ಲಾ ಮಟ್ಟದ ಸಮಿತಿಗೆ ನಾಮನಿರ್ದೇಶಿತ ಸದಸ್ಯರನ್ನು ನೇಮಕ ಮಾಡಲು ಜಿಲ್ಲಾ ಪಂಚಾಯತಿ ಮುಖ್ಯ ಕಾರ್ಯನಿರ್ವಾಹಕ ಅಧಿಕಾರಿಗಳ ಅಧ್ಯಕ್ಷತೆಯಲ್ಲಿ ರಚಿಸಲಾಗಿರುವ ಸಮಿತಿಗೆ ಜಿಲ್ಲಾ ವ್ಯಾಪ್ತಿಯ ವಿಶ್ವಕರ್ಮ ಸಮುದಾಯದ ಅರ್ಹ ವ್ಯಕ್ತಿಗಳಿಂದ ಅರ್ಜಿ ಆಹ್ವಾನಿಸಲಾಗಿದೆ.
ಅರ್ಹತೆಗಳು: ಸದರಿ ಜಿಲ್ಲೆಯಲ್ಲಿ ಕನಿಷ್ಠ 15 ವರ್ಷಗಳ ಕಾಲ ವಾಸವಾಗಿರಬೇಕು. ಕನಿಷ್ಠ 35 ರಿಂದ ಗರಿಷ್ಠ 65 ವರ್ಷ ವಯೋಮಿತಿ ಒಳಗಿರಬೇಕು, ಕನಿಷ್ಠ ಎಸ್.ಎಸ್.ಎಲ್.ಸಿ ರವರೆಗೆ ವಿದ್ಯಾಭ್ಯಾಸ ಮಾಡಿರಬೇಕು. ಆಯ್ಕೆಯಾಗುವ ವ್ಯಕ್ತಿಯು ವಿಶ್ವಕರ್ಮ ಸಮುದಾಯದವರಾಗಿದ್ದು ಯಾವುದೇ ಕ್ರಿಮಿನಲ್ ಮೊಕದ್ದಮೆಗಳಲ್ಲಿ ಭಾಗಿಯಾಗಿರಬಾರದು.
ಇತರೆ ನಿಯಮ: ಸಂಬಂಧಿಸಿದ ಜಿಲ್ಲೆಯ ಸಮಗ್ರ ಮಾಹಿತಿ ಹಾಗೂ ವಿಶ್ವಕರ್ಮ ಜನಾಂಗದವರು ವಾಸಿಸುವ ಸ್ಥಳ, ಕೆಲಸದಲ್ಲಿ ಅನುಭವ ಹೊಂದಿರಬೇಕು. ಆಯ್ಕೆಗೊಂಡ ಸದಸ್ಯರ ಅವಧಿ 02 ವರ್ಷಗಳು ಅಥವಾ ಸರ್ಕಾರದ ಮುಂದಿನ ಆದೇಶದವರೆಗೆ ಇರುತ್ತದೆ. ಈ ಅವಧಿಯಲ್ಲಿ ಸತತ 03 ಸಭೆಗಳಿಗೆ ಗೈರು ಹಾಜರಾದಲ್ಲಿ ಸದಸ್ಯತ್ವ ರದ್ದುಗೊಳಿಸಲಾಗುವುದು.
ಸದರಿ ನಾಮನಿರ್ದೇಶಿತ ಸದಸ್ಯತ್ವಕ್ಕೆ ಅರ್ಜಿ ಸಲ್ಲಿಸುವವರು, ಜಿಲ್ಲಾ ವ್ಯವಸ್ಥಾಪಕರ ಕಛೇರಿ, ಡಿ.ದೇವರಾಜ ಅರಸು ಹಿಂದುಳಿದ ವರ್ಗಗಳ ಅಭಿವೃದ್ಧಿ ನಿಗಮ ಕೊಪ್ಪಳ ಇಲ್ಲಿಗೆ ಅಕ್ಟೋಬರ್ 07 ರ ಸಂಜೆ 5 ಗಂಟೆಯೊಳಗಾಗಿ ಅರ್ಜಿ ಸಲ್ಲಿಸಬಹುದಾಗಿದೆ ಎಂದು ಕರ್ನಾಟಕ ವಿಶ್ವಕರ್ಮ ಸಮುದಾಯಗಳ ಅಭಿವೃದ್ಧಿ ನಿಗಮದ ಜಿಲ್ಲಾ ವ್ಯವಸ್ಥಾಪಕರು ಪ್ರಕಟಣೆಯಲ್ಲಿ ತಿಳಿಸಿದ್ದಾರೆ.
ಬ್ಯೂಟಿ ಪಾರ್ಲರ್, ಮಹಿಳಾ ಹೊಲಿಗೆ
ತರಬೇತಿ, ಹೈನುಗಾರಿಕೆ ತರಬೇತಿಗೆ
ಅರ್ಜಿ ಆಹ್ವಾನ
ಕೊಪ್ಪಳ: ಸ್ಟೇಟ್ ಬ್ಯಾಂಕ್ ಆಫ್ ಇಂಡಿಯಾ, ಗ್ರಾಮೀಣ ಸ್ವಯಂ ಉದ್ಯೋಗ ತರಬೇತಿ ಸಂಸ್ಥೆಯಿಂದ ಕೊಪ್ಪಳ ಜಿಲ್ಲೆಯ ಗ್ರಾಮೀಣ ಭಾಗದ ಆಸಕ್ತರಿಗೆ ಉಚಿತ ತರಬೇತಿಯನ್ನು ನೀಡಲು ಅರ್ಜಿಗಳನ್ನು ಆಹ್ವಾನಿಸಲಾಗಿದೆ. ಆಯ್ಕೆಯಾದ ಅಭ್ಯರ್ಥಿಗಳಿಗೆ ಊಟ ಮತ್ತು ವಸತಿಯನ್ನು ಉಚಿತವಾಗಿ ನೀಡಲಾಗುವುದು. ಅಕ್ಟೋಬರ್ 05 ರಿಂದ ಸಂದರ್ಶನ ನಡೆಸಲಾಗುವುದು. ಮಹಿಳಾ ಹೊಲಿಗೆ ತರಬೇತಿ 30 ದಿನಗಳು, ಬ್ಯೂಟಿ ಪಾರ್ಲರ್ 30 ದಿನಗಳು, ಹೈನುಗಾರಿಕೆ ತರಬೇತಿ 10 ದಿನಗಳು ಇರುತ್ತದೆ. ಅಕ್ಟೋಬರ್ 07 ರಂದು ತರಬೇತಿಗಳು ಪ್ರಾರಂಭವಾಗುತ್ತವೆ.
ಅರ್ಹತೆಗಳು: ಅರ್ಜಿದಾರರು 18 ವರ್ಷದ ಮೇಲ್ಪಟ್ಟು ಮತ್ತು 45 ವರ್ಷ ಒಳಗಿನವರಾಗಿರಬೇಕು, ಕನಿಷ್ಠ ಎಂಟನೇ ತರಗತಿ ಪಾಸ್ ಆಗಿರಬೇಕು, ಕೊಪ್ಪಳ ಜಿಲ್ಲೆಯ ಭಾಗದವರಾಗಿರಬೇಕು, ಸ್ವಯಂ ಉದ್ಯೋಗದಲ್ಲಿ ಆಸಕ್ತಿ ಹೊಂದಿರಬೇಕು.
ದಾಖಲಾತಿಗಳು: ಆಧಾರ್ ಕಾರ್ಡ್ ಜೆರಾಕ್ಸ್ ಪ್ರತಿ, ರೇಷನ್ ಕಾರ್ಡ್ ಜೆರಾಕ್ಸ್ ಪ್ರತಿ, 3 ಪಾಸ್‌ಪೋರ್ಟ್ ಸೈಜ್ ಫೋಟೋ, ಮಾರ್ಕ್ಸ್ ಕಾರ್ಡ್ ಜೆರಾಕ್ಸ್ ಪ್ರತಿ ಸಲ್ಲಿಸಬಹುದಾಗಿದೆ.
ಆಸಕ್ತರು ಸ್ಟೇಟ್ ಬ್ಯಾಂಕ್ ಆಫ್ ಇಂಡಿಯಾ, ಗ್ರಾಮೀಣ ಸ್ವಯಂ ಉದ್ಯೋಗ ತರಬೇತಿ ಸಂಸ್ಥೆ, ಜಿಲ್ಲಾ ಕೈಗಾರಿಕಾ ಕೇಂದ್ರ ಆವರಣ, ಕೊಪ್ಪಳ ದೂ: 08539–231038, 9483618178, 7259073827, 9538096796, 9481085217 ಗೆ ಸಂಪರ್ಕಿಸಬಹುದಾಗಿದೆ ಎಂದು ಆರ್.ಸೆ.ಟಿ. ಕೊಪ್ಪಳ ನಿರ್ದೇಶಕರು ತಿಳಿಸಿದ್ದಾರೆ.
